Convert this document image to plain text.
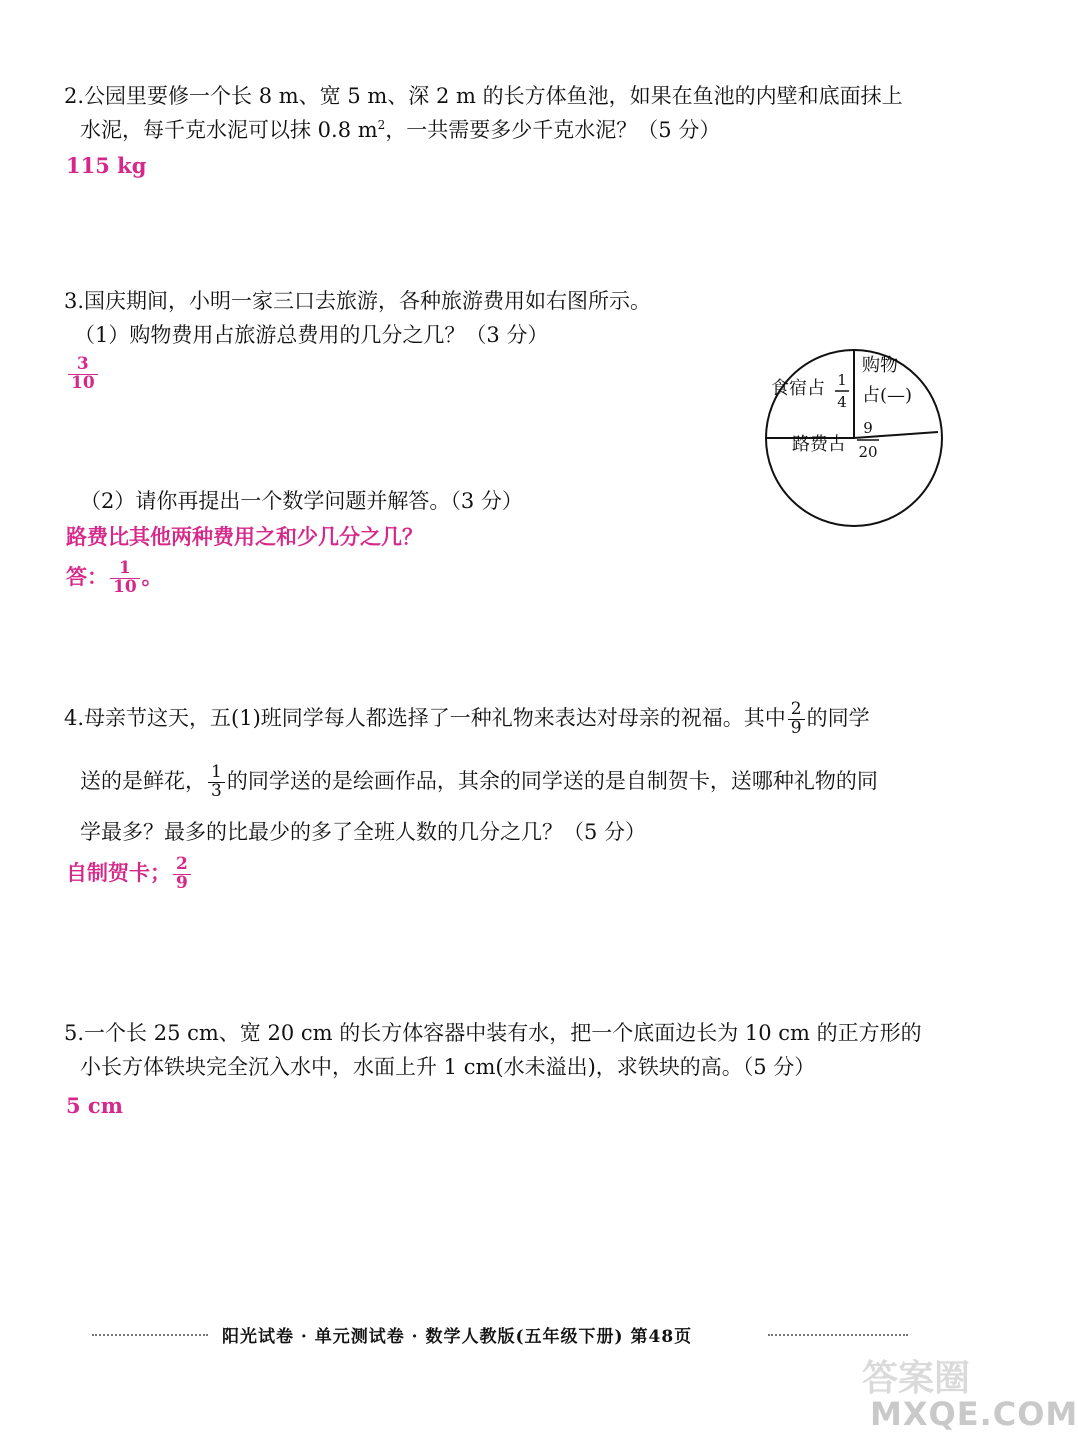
2.公园里要修一个长 8 m、宽 5 m、深 2 m 的长方体鱼池，如果在鱼池的内壁和底面抹上
水泥，每千克水泥可以抹 0.8 $m^2$，一共需要多少千克水泥？（5 分）
115 kg
3.国庆期间，小明一家三口去旅游，各种旅游费用如右图所示。
（1）购物费用占旅游总费用的几分之几？（3 分）
$\frac{3}{10}$
（2）请你再提出一个数学问题并解答。（3 分）
路费比其他两种费用之和少几分之几？
答： $\frac{1}{10}$ 。
食宿占 1
4
购物
占(—)
路费占
9
20
4.母亲节这天，五(1)班同学每人都选择了一种礼物来表达对母亲的祝福。其中 $\frac{2}{9}$ 的同学
送的是鲜花， $\frac{1}{3}$ 的同学送的是绘画作品，其余的同学送的是自制贺卡，送哪种礼物的同
学最多？最多的比最少的多了全班人数的几分之几？（5 分）
自制贺卡； $\frac{2}{9}$
5.一个长 25 cm、宽 20 cm 的长方体容器中装有水，把一个底面边长为 10 cm 的正方形的
小长方体铁块完全沉入水中，水面上升 1 cm(水未溢出)，求铁块的高。（5 分）
5 cm
阳光试卷 · 单元测试卷 · 数学人教版(五年级下册) 第48页
答案圈
MXQE.COM
